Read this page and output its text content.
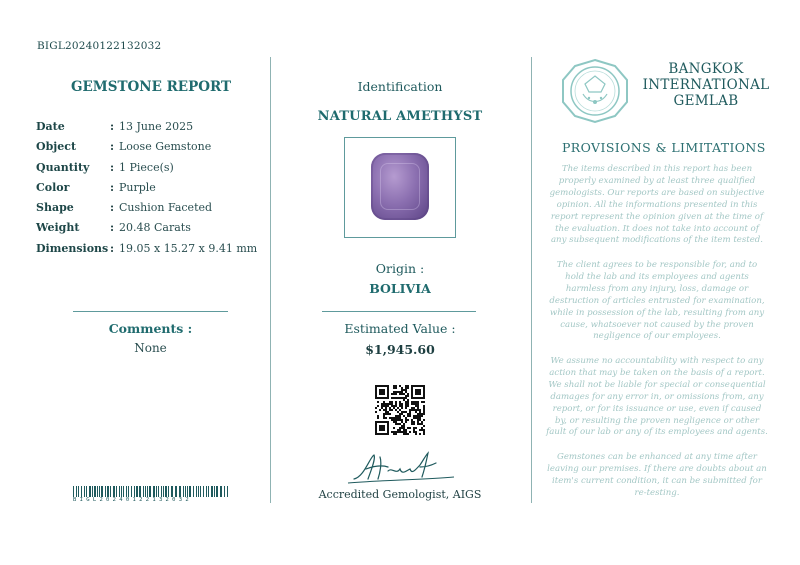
BIGL20240122132032
GEMSTONE REPORT
Date	: 13 June 2025
Object	: Loose Gemstone
Quantity : 1 Piece(s)
Color	: Purple
Shape	: Cushion Faceted
Weight	: 20.48 Carats
Dimensions : 19.05 x 15.27 x 9.41 mm
Comments :
None
BIGL20240122132032
Identification
NATURAL AMETHYST
Origin :
BOLIVIA
Estimated Value :
$1,945.60
Accredited Gemologist, AIGS
BANGKOK
INTERNATIONAL
GEMLAB
PROVISIONS & LIMITATIONS
The items described in this report has been properly examined by at least three qualified gemologists. Our reports are based on subjective opinion. All the informations presented in this report represent the opinion given at the time of the evaluation. It does not take into account of any subsequent modifications of the item tested.
The client agrees to be responsible for, and to hold the lab and its employees and agents harmless from any injury, loss, damage or destruction of articles entrusted for examination, while in possession of the lab, resulting from any cause, whatsoever not caused by the proven negligence of our employees.
We assume no accountability with respect to any action that may be taken on the basis of a report. We shall not be liable for special or consequential damages for any error in, or omissions from, any report, or for its issuance or use, even if caused by, or resulting the proven negligence or other fault of our lab or any of its employees and agents.
Gemstones can be enhanced at any time after leaving our premises. If there are doubts about an item's current condition, it can be submitted for re-testing.
